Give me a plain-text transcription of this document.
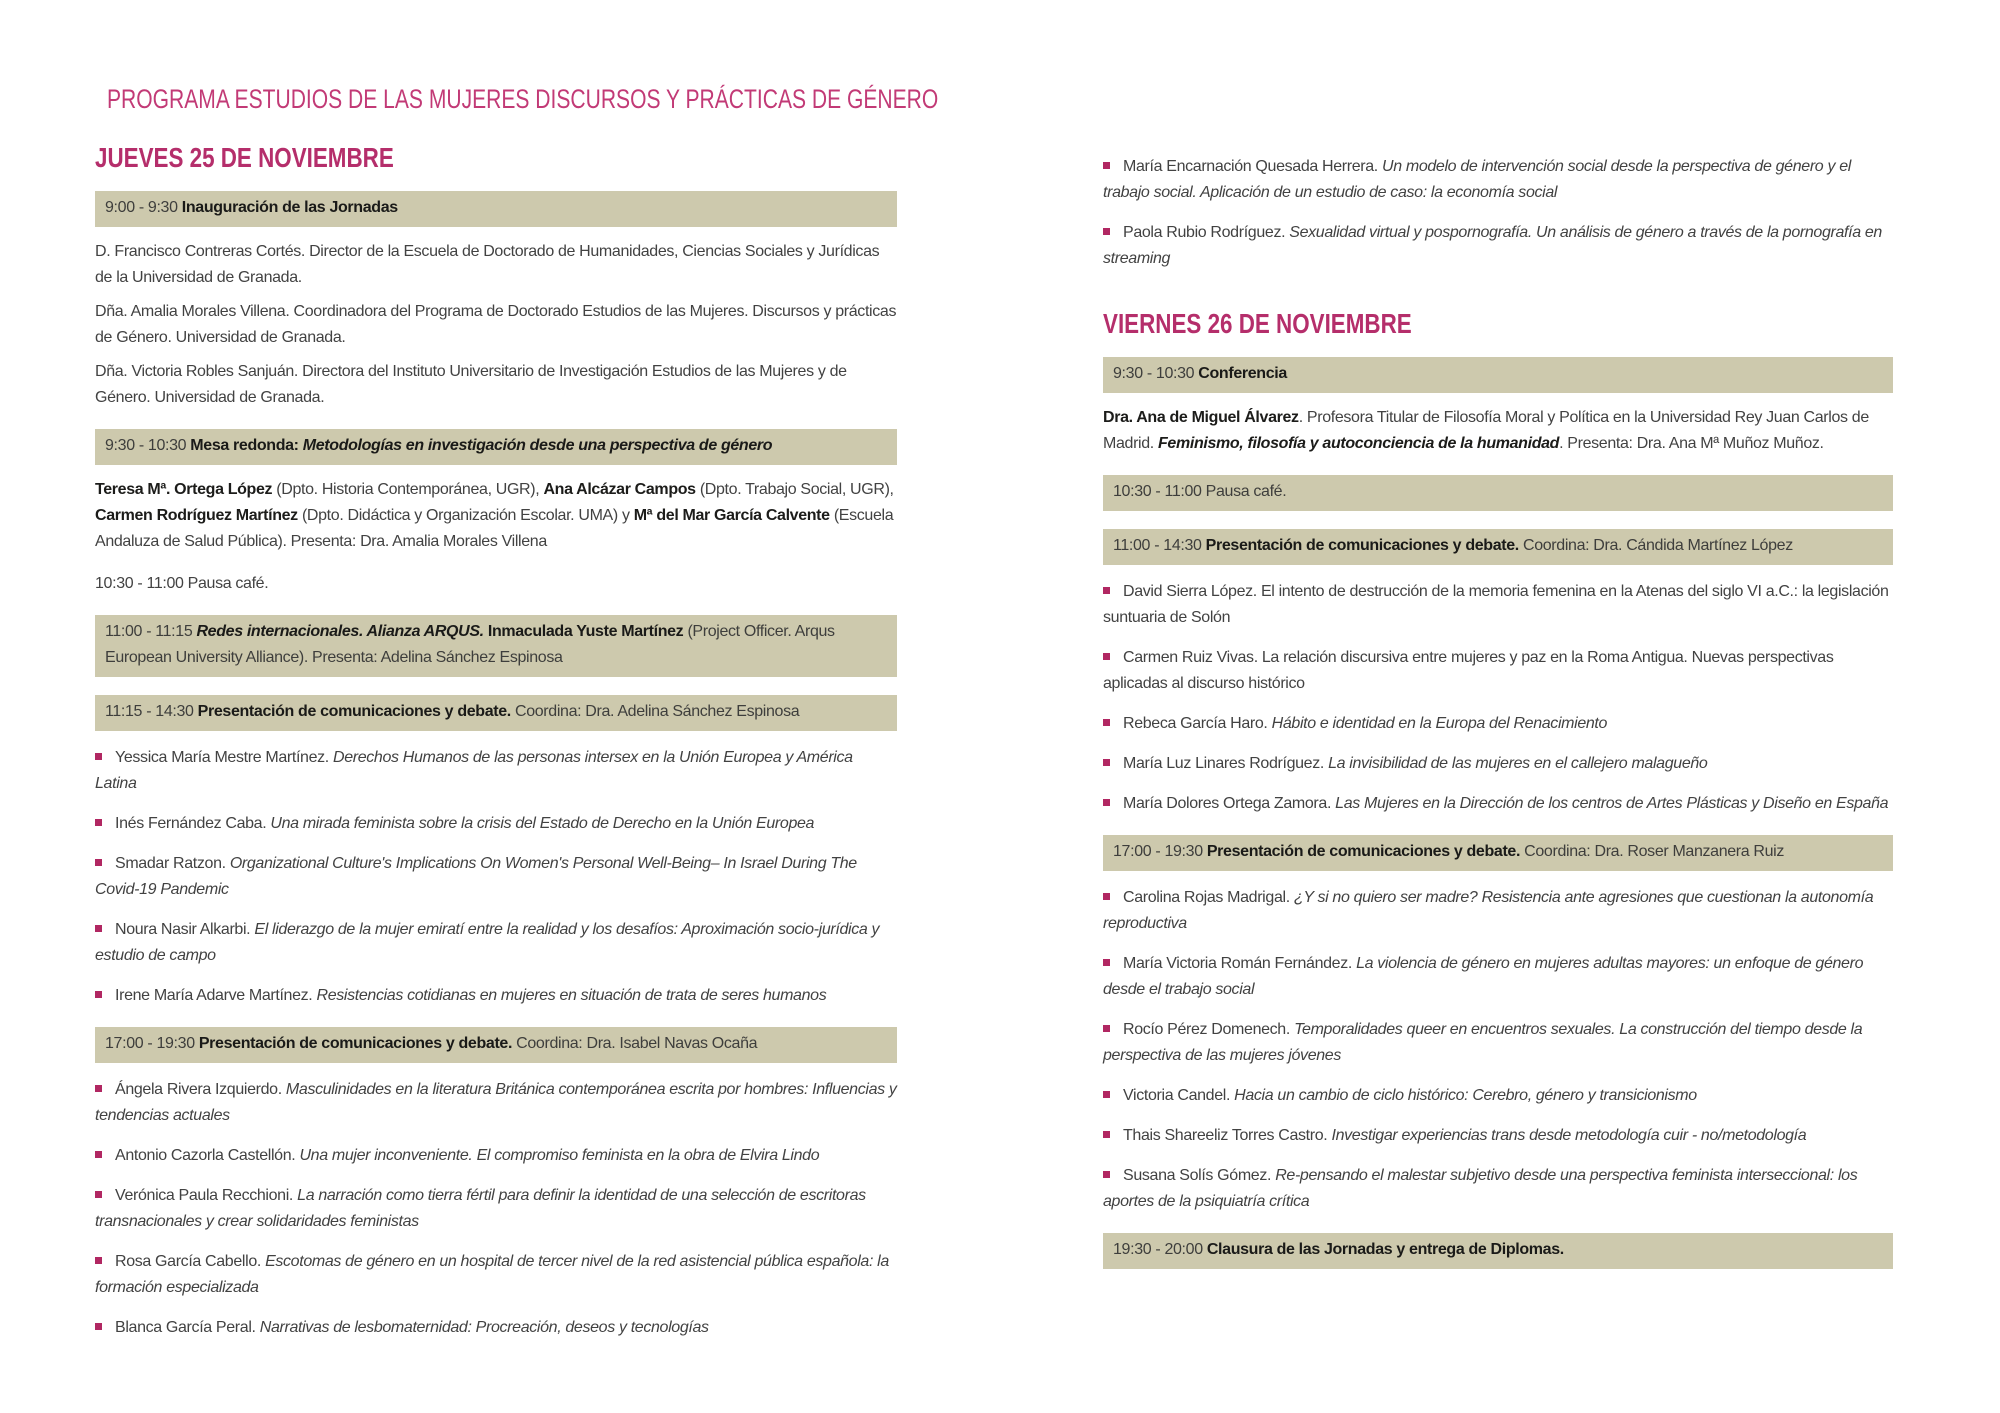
PROGRAMA ESTUDIOS DE LAS MUJERES DISCURSOS Y PRÁCTICAS DE GÉNERO
JUEVES 25 DE NOVIEMBRE
9:00 - 9:30 Inauguración de las Jornadas
D. Francisco Contreras Cortés. Director de la Escuela de Doctorado de Humanidades, Ciencias Sociales y Jurídicas de la Universidad de Granada.
Dña. Amalia Morales Villena. Coordinadora del Programa de Doctorado Estudios de las Mujeres. Discursos y prácticas de Género. Universidad de Granada.
Dña. Victoria Robles Sanjuán. Directora del Instituto Universitario de Investigación Estudios de las Mujeres y de Género. Universidad de Granada.
9:30 - 10:30 Mesa redonda: Metodologías en investigación desde una perspectiva de género
Teresa Mª. Ortega López (Dpto. Historia Contemporánea, UGR), Ana Alcázar Campos (Dpto. Trabajo Social, UGR), Carmen Rodríguez Martínez (Dpto. Didáctica y Organización Escolar. UMA) y Mª del Mar García Calvente (Escuela Andaluza de Salud Pública). Presenta: Dra. Amalia Morales Villena
10:30 - 11:00 Pausa café.
11:00 - 11:15 Redes internacionales. Alianza ARQUS. Inmaculada Yuste Martínez (Project Officer. Arqus European University Alliance). Presenta: Adelina Sánchez Espinosa
11:15 - 14:30 Presentación de comunicaciones y debate. Coordina: Dra. Adelina Sánchez Espinosa
Yessica María Mestre Martínez. Derechos Humanos de las personas intersex en la Unión Europea y América Latina
Inés Fernández Caba. Una mirada feminista sobre la crisis del Estado de Derecho en la Unión Europea
Smadar Ratzon. Organizational Culture's Implications On Women's Personal Well-Being– In Israel During The Covid-19 Pandemic
Noura Nasir Alkarbi. El liderazgo de la mujer emiratí entre la realidad y los desafíos: Aproximación socio-jurídica y estudio de campo
Irene María Adarve Martínez. Resistencias cotidianas en mujeres en situación de trata de seres humanos
17:00 - 19:30 Presentación de comunicaciones y debate. Coordina: Dra. Isabel Navas Ocaña
Ángela Rivera Izquierdo. Masculinidades en la literatura Británica contemporánea escrita por hombres: Influencias y tendencias actuales
Antonio Cazorla Castellón. Una mujer inconveniente. El compromiso feminista en la obra de Elvira Lindo
Verónica Paula Recchioni. La narración como tierra fértil para definir la identidad de una selección de escritoras transnacionales y crear solidaridades feministas
Rosa García Cabello. Escotomas de género en un hospital de tercer nivel de la red asistencial pública española: la formación especializada
Blanca García Peral. Narrativas de lesbomaternidad: Procreación, deseos y tecnologías
María Encarnación Quesada Herrera. Un modelo de intervención social desde la perspectiva de género y el trabajo social. Aplicación de un estudio de caso: la economía social
Paola Rubio Rodríguez. Sexualidad virtual y pospornografía. Un análisis de género a través de la pornografía en streaming
VIERNES 26 DE NOVIEMBRE
9:30 - 10:30 Conferencia
Dra. Ana de Miguel Álvarez. Profesora Titular de Filosofía Moral y Política en la Universidad Rey Juan Carlos de Madrid. Feminismo, filosofía y autoconciencia de la humanidad. Presenta: Dra. Ana Mª Muñoz Muñoz.
10:30 - 11:00 Pausa café.
11:00 - 14:30 Presentación de comunicaciones y debate. Coordina: Dra. Cándida Martínez López
David Sierra López. El intento de destrucción de la memoria femenina en la Atenas del siglo VI a.C.: la legislación suntuaria de Solón
Carmen Ruiz Vivas. La relación discursiva entre mujeres y paz en la Roma Antigua. Nuevas perspectivas aplicadas al discurso histórico
Rebeca García Haro. Hábito e identidad en la Europa del Renacimiento
María Luz Linares Rodríguez. La invisibilidad de las mujeres en el callejero malagueño
María Dolores Ortega Zamora. Las Mujeres en la Dirección de los centros de Artes Plásticas y Diseño en España
17:00 - 19:30 Presentación de comunicaciones y debate. Coordina: Dra. Roser Manzanera Ruiz
Carolina Rojas Madrigal. ¿Y si no quiero ser madre? Resistencia ante agresiones que cuestionan la autonomía reproductiva
María Victoria Román Fernández. La violencia de género en mujeres adultas mayores: un enfoque de género desde el trabajo social
Rocío Pérez Domenech. Temporalidades queer en encuentros sexuales. La construcción del tiempo desde la perspectiva de las mujeres jóvenes
Victoria Candel. Hacia un cambio de ciclo histórico: Cerebro, género y transicionismo
Thais Shareeliz Torres Castro. Investigar experiencias trans desde metodología cuir - no/metodología
Susana Solís Gómez. Re-pensando el malestar subjetivo desde una perspectiva feminista interseccional: los aportes de la psiquiatría crítica
19:30 - 20:00 Clausura de las Jornadas y entrega de Diplomas.
